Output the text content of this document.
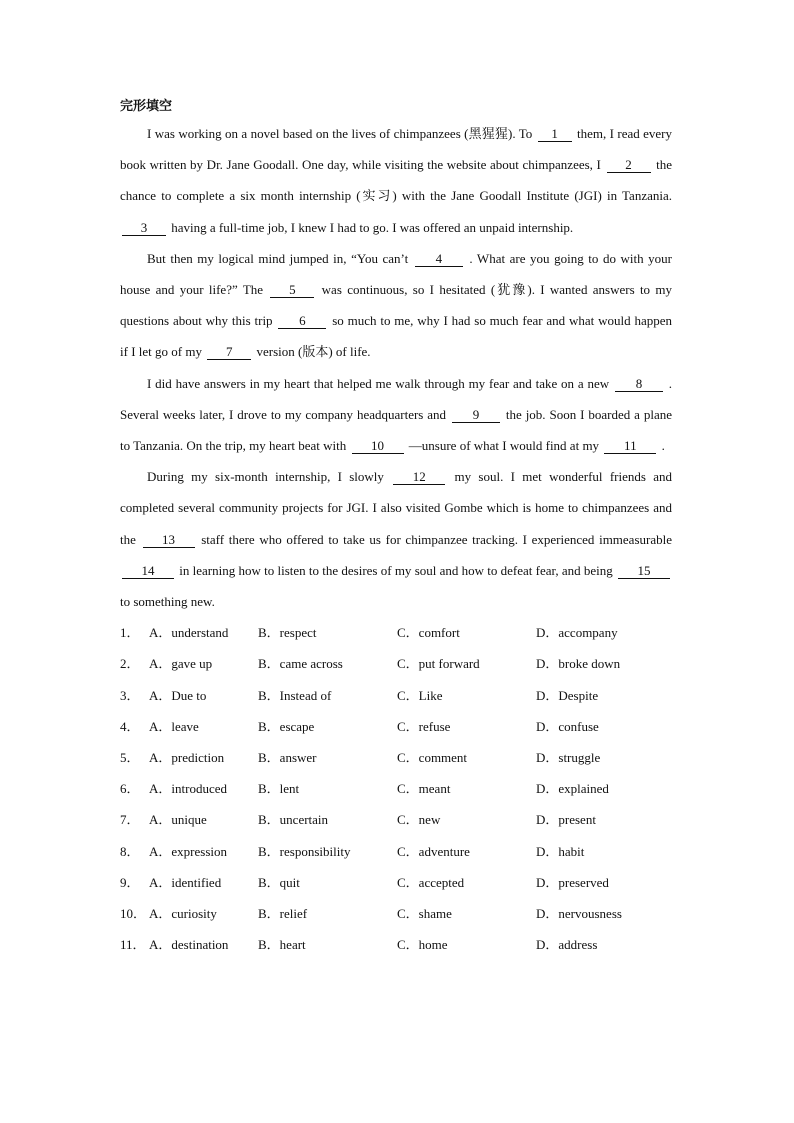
完形填空

I was working on a novel based on the lives of chimpanzees (黑猩猩). To 1 them, I read every book written by Dr. Jane Goodall. One day, while visiting the website about chimpanzees, I 2 the chance to complete a six month internship (实习) with the Jane Goodall Institute (JGI) in Tanzania. 3 having a full-time job, I knew I had to go. I was offered an unpaid internship.

But then my logical mind jumped in, “You can’t 4 . What are you going to do with your house and your life?” The 5 was continuous, so I hesitated (犹豫). I wanted answers to my questions about why this trip 6 so much to me, why I had so much fear and what would happen if I let go of my 7 version (版本) of life.

I did have answers in my heart that helped me walk through my fear and take on a new 8 . Several weeks later, I drove to my company headquarters and 9 the job. Soon I boarded a plane to Tanzania. On the trip, my heart beat with 10 —unsure of what I would find at my 11 .

During my six-month internship, I slowly 12 my soul. I met wonderful friends and completed several community projects for JGI. I also visited Gombe which is home to chimpanzees and the 13 staff there who offered to take us for chimpanzee tracking. I experienced immeasurable 14 in learning how to listen to the desires of my soul and how to defeat fear, and being 15 to something new.

1． A．understand	B．respect	C．comfort	D．accompany
2． A．gave up	B．came across	C．put forward	D．broke down
3． A．Due to	B．Instead of	C．Like	D．Despite
4． A．leave	B．escape	C．refuse	D．confuse
5． A．prediction	B．answer	C．comment	D．struggle
6． A．introduced	B．lent	C．meant	D．explained
7． A．unique	B．uncertain	C．new	D．present
8． A．expression	B．responsibility	C．adventure	D．habit
9． A．identified	B．quit	C．accepted	D．preserved
10． A．curiosity	B．relief	C．shame	D．nervousness
11． A．destination	B．heart	C．home	D．address
